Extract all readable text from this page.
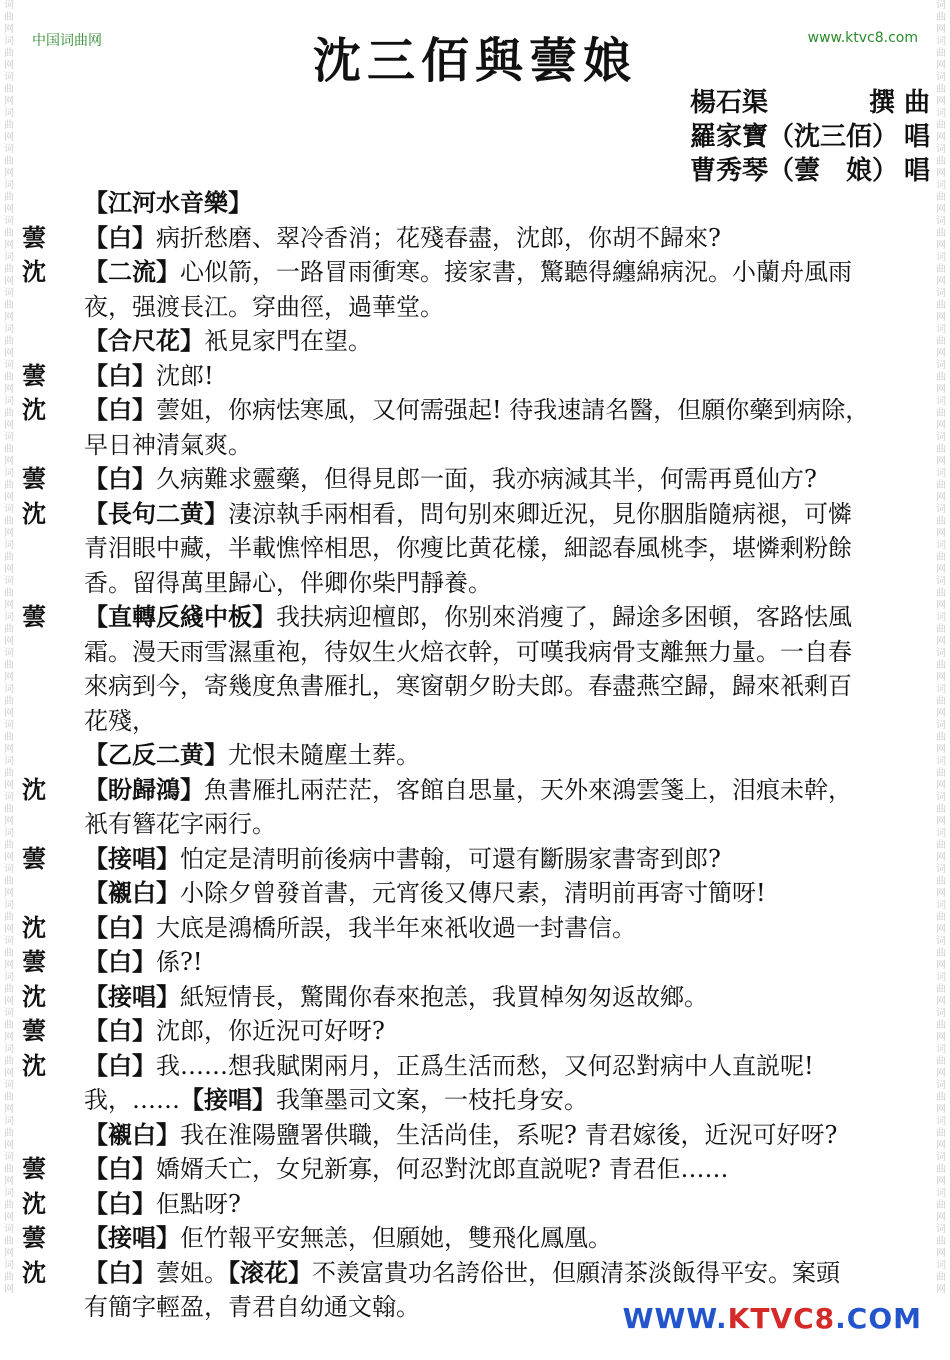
词曲网词曲网词曲网词曲网词曲网词曲网词曲网词曲网词曲网词曲网词曲网词曲网词曲网词曲网词曲网词曲网词曲网词曲网词曲网词曲网词曲网词曲网词曲网词曲网词曲网词曲网词曲网词曲网词曲网词曲网词曲网词曲网词曲网词曲网词曲网词曲网
词曲网词曲网词曲网词曲网词曲网词曲网词曲网词曲网词曲网词曲网词曲网词曲网词曲网词曲网词曲网词曲网词曲网词曲网词曲网词曲网词曲网词曲网词曲网词曲网词曲网词曲网词曲网词曲网词曲网词曲网词曲网词曲网词曲网词曲网词曲网词曲网
中国词曲网	www.ktvc8.com
沈三佰與蕓娘
楊石渠	撰 曲
羅家寶（沈三佰） 唱
曹秀琴（蕓　娘） 唱
【江河水音樂】
蕓	【白】病折愁磨、翠冷香消；花殘春盡，沈郎，你胡不歸來?
沈	【二流】心似箭，一路冒雨衝寒。接家書，驚聽得纏綿病況。小蘭舟風雨
夜，强渡長江。穿曲徑，過華堂。
【合尺花】衹見家門在望。
蕓	【白】沈郎!
沈	【白】蕓姐，你病怯寒風，又何需强起! 待我速請名醫，但願你藥到病除，
早日神清氣爽。
蕓	【白】久病難求靈藥，但得見郎一面，我亦病減其半，何需再覓仙方?
沈	【長句二黄】淒涼執手兩相看，問句别來卿近況，見你胭脂隨病褪，可憐
青泪眼中藏，半載憔悴相思，你瘦比黄花樣，細認春風桃李，堪憐剩粉餘
香。留得萬里歸心，伴卿你柴門靜養。
蕓	【直轉反綫中板】我扶病迎檀郎，你别來消瘦了，歸途多困頓，客路怯風
霜。漫天雨雪濕重袍，待奴生火焙衣幹，可嘆我病骨支離無力量。一自春
來病到今，寄幾度魚書雁扎，寒窗朝夕盼夫郎。春盡燕空歸，歸來衹剩百
花殘，
【乙反二黄】尤恨未隨塵土葬。
沈	【盼歸鴻】魚書雁扎兩茫茫，客館自思量，天外來鴻雲箋上，泪痕未幹，
衹有簪花字兩行。
蕓	【接唱】怕定是清明前後病中書翰，可還有斷腸家書寄到郎?
【襯白】小除夕曾發首書，元宵後又傳尺素，清明前再寄寸簡呀!
沈	【白】大底是鴻橋所誤，我半年來衹收過一封書信。
蕓	【白】係?!
沈	【接唱】紙短情長，驚聞你春來抱恙，我買棹匆匆返故鄉。
蕓	【白】沈郎，你近況可好呀?
沈	【白】我……想我賦閑兩月，正爲生活而愁，又何忍對病中人直説呢!
我，……【接唱】我筆墨司文案，一枝托身安。
【襯白】我在淮陽鹽署供職，生活尚佳，系呢? 青君嫁後，近況可好呀?
蕓	【白】嬌婿夭亡，女兒新寡，何忍對沈郎直説呢? 青君佢……
沈	【白】佢點呀?
蕓	【接唱】佢竹報平安無恙，但願她，雙飛化鳳凰。
沈	【白】蕓姐。【滚花】不羨富貴功名誇俗世，但願清茶淡飯得平安。案頭
有簡字輕盈，青君自幼通文翰。	WWW.KTVC8.COM
